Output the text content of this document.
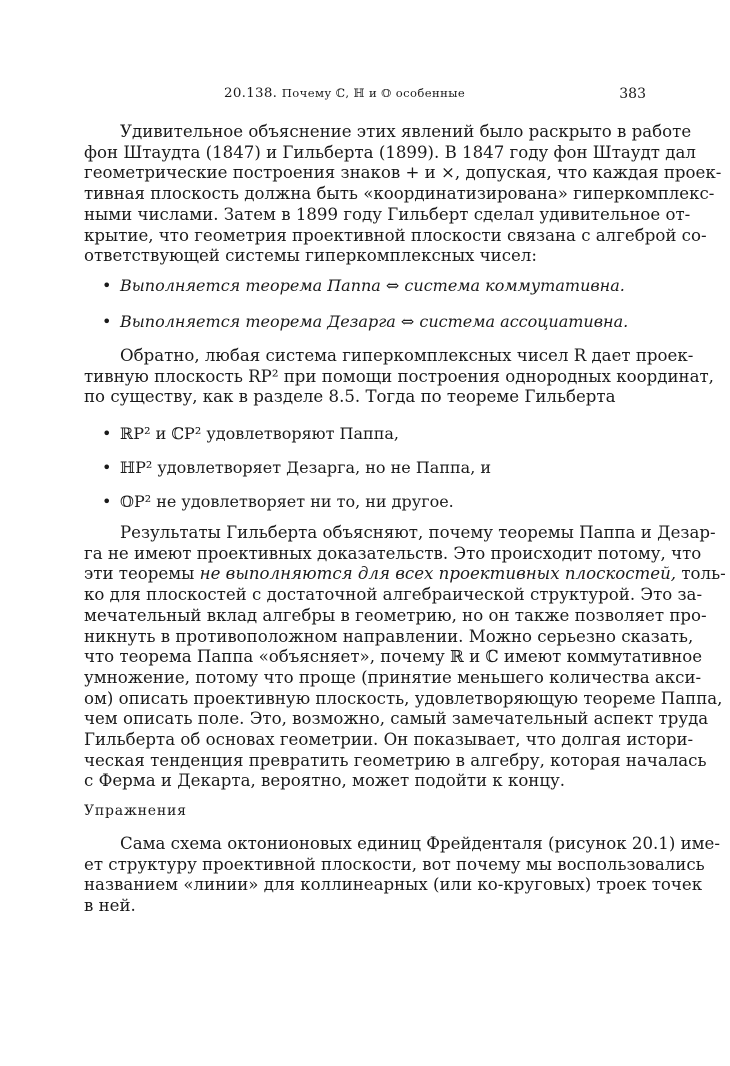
20.138. Почему ℂ, ℍ и 𝕆 особенные	383
Удивительное объяснение этих явлений было раскрыто в работе
фон Штаудта (1847) и Гильберта (1899). В 1847 году фон Штаудт дал
геометрические построения знаков + и ×, допуская, что каждая проек-
тивная плоскость должна быть «координатизирована» гиперкомплекс-
ными числами. Затем в 1899 году Гильберт сделал удивительное от-
крытие, что геометрия проективной плоскости связана с алгеброй со-
ответствующей системы гиперкомплексных чисел:
• Выполняется теорема Паппа ⇔ система коммутативна.
• Выполняется теорема Дезарга ⇔ система ассоциативна.
Обратно, любая система гиперкомплексных чисел R дает проек-
тивную плоскость RP² при помощи построения однородных координат,
по существу, как в разделе 8.5. Тогда по теореме Гильберта
• ℝP² и ℂP² удовлетворяют Паппа,
• ℍP² удовлетворяет Дезарга, но не Паппа, и
• 𝕆P² не удовлетворяет ни то, ни другое.
Результаты Гильберта объясняют, почему теоремы Паппа и Дезар-
га не имеют проективных доказательств. Это происходит потому, что
эти теоремы не выполняются для всех проективных плоскостей, толь-
ко для плоскостей с достаточной алгебраической структурой. Это за-
мечательный вклад алгебры в геометрию, но он также позволяет про-
никнуть в противоположном направлении. Можно серьезно сказать,
что теорема Паппа «объясняет», почему ℝ и ℂ имеют коммутативное
умножение, потому что проще (принятие меньшего количества акси-
ом) описать проективную плоскость, удовлетворяющую теореме Паппа,
чем описать поле. Это, возможно, самый замечательный аспект труда
Гильберта об основах геометрии. Он показывает, что долгая истори-
ческая тенденция превратить геометрию в алгебру, которая началась
с Ферма и Декарта, вероятно, может подойти к концу.
Упражнения
Сама схема октонионовых единиц Фрейденталя (рисунок 20.1) име-
ет структуру проективной плоскости, вот почему мы воспользовались
названием «линии» для коллинеарных (или ко-круговых) троек точек
в ней.
